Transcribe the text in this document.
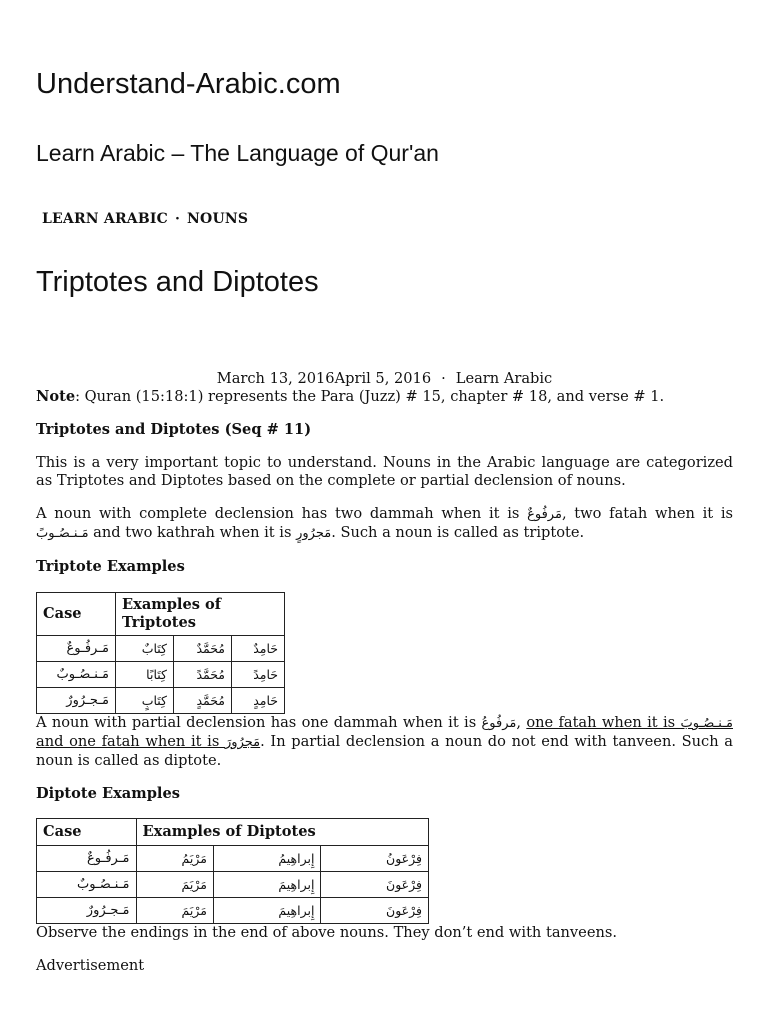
Understand-Arabic.com

Learn Arabic – The Language of Qur'an

LEARN ARABIC · NOUNS
Triptotes and Diptotes
March 13, 2016April 5, 2016 · Learn Arabic

Note: Quran (15:18:1) represents the Para (Juzz) # 15, chapter # 18, and verse # 1.

Triptotes and Diptotes (Seq # 11)

This is a very important topic to understand. Nouns in the Arabic language are categorized as Triptotes and Diptotes based on the complete or partial declension of nouns.

A noun with complete declension has two dammah when it is مَرفُوعٌ, two fatah when it is مَـنـصُـوبً and two kathrah when it is مَجرُورٍ. Such a noun is called as triptote.

Triptote Examples

Case	Examples of Triptotes		
مَـرفُـوعٌ	كِتَابٌ	مُحَمَّدٌ	حَامِدٌ
مَـنـصُـوبٌ	كِتَابًا	مُحَمَّدً	حَامِدً
مَـجـرُورٌ	كِتَابٍ	مُحَمَّدٍ	حَامِدٍ

A noun with partial declension has one dammah when it is مَرفُوعُ, one fatah when it is مَـنـصُـوبَ and one fatah when it is مَجرُورَ. In partial declension a noun do not end with tanveen. Such a noun is called as diptote.

Diptote Examples

Case	Examples of Diptotes		
مَـرفُـوعٌ	مَرْيَمُ	إِبراهِيمُ	فِرْعَونُ
مَـنـصُـوبٌ	مَرْيَمَ	إِبراهِيمَ	فِرْعَونَ
مَـجـرُورٌ	مَرْيَمَ	إِبراهِيمَ	فِرْعَونَ

Observe the endings in the end of above nouns. They don’t end with tanveens.

Advertisement
